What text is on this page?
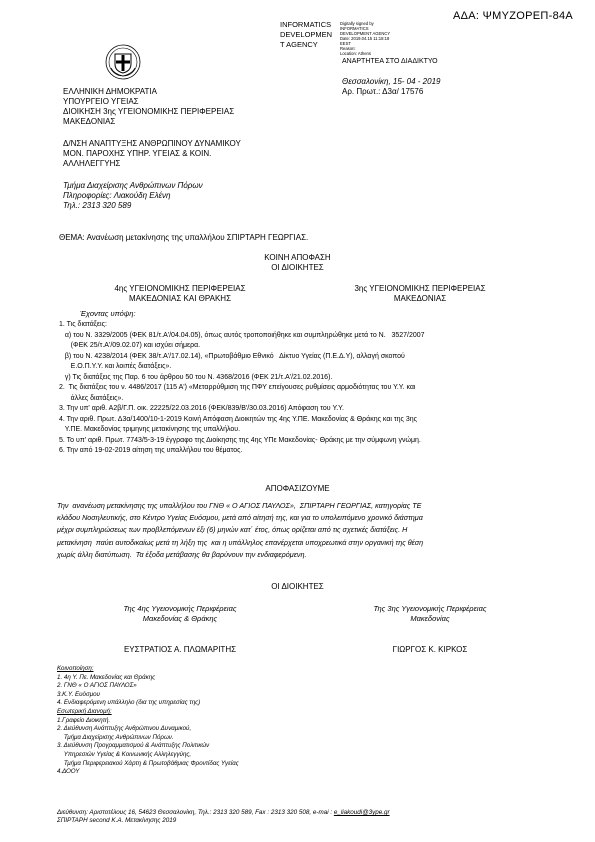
ΑΔΑ: ΨΜΥΖΟΡΕΠ-84Α
INFORMATICS
DEVELOPMEN
T AGENCY
Digitally signed by
INFORMATICS
DEVELOPMENT AGENCY
Date: 2019.04.15 11:18:18
EEST
Reason:
Location: Athens
ΑΝΑΡΤΗΤΕΑ ΣΤΟ ΔΙΑΔΙΚΤΥΟ
Θεσσαλονίκη, 15- 04 - 2019
Αρ. Πρωτ.: Δ3α/ 17576
ΕΛΛΗΝΙΚΗ ΔΗΜΟΚΡΑΤΙΑ
ΥΠΟΥΡΓΕΙΟ ΥΓΕΙΑΣ
ΔΙΟΙΚΗΣΗ 3ης ΥΓΕΙΟΝΟΜΙΚΗΣ ΠΕΡΙΦΕΡΕΙΑΣ
ΜΑΚΕΔΟΝΙΑΣ
Δ/ΝΣΗ ΑΝΑΠΤΥΞΗΣ ΑΝΘΡΩΠΙΝΟΥ ΔΥΝΑΜΙΚΟΥ
ΜΟΝ. ΠΑΡΟΧΗΣ ΥΠΗΡ. ΥΓΕΙΑΣ & ΚΟΙΝ.
ΑΛΛΗΛΕΓΓΥΗΣ
Τμήμα Διαχείρισης Ανθρώπινων Πόρων
Πληροφορίες: Λιακούδη Ελένη
Τηλ.: 2313 320 589
ΘΕΜΑ: Ανανέωση μετακίνησης της υπαλλήλου ΣΠΙΡΤΑΡΗ ΓΕΩΡΓΙΑΣ.
ΚΟΙΝΗ ΑΠΟΦΑΣΗ
ΟΙ ΔΙΟΙΚΗΤΕΣ
4ης ΥΓΕΙΟΝΟΜΙΚΗΣ ΠΕΡΙΦΕΡΕΙΑΣ
ΜΑΚΕΔΟΝΙΑΣ ΚΑΙ ΘΡΑΚΗΣ
3ης ΥΓΕΙΟΝΟΜΙΚΗΣ ΠΕΡΙΦΕΡΕΙΑΣ
ΜΑΚΕΔΟΝΙΑΣ
Έχοντας υπόψη:
1. Τις διατάξεις:
α) του Ν. 3329/2005 (ΦΕΚ 81/τ.Α'/04.04.05), όπως αυτός τροποποιήθηκε και συμπληρώθηκε μετά το Ν.   3527/2007
(ΦΕΚ 25/τ.Α'/09.02.07) και ισχύει σήμερα.
β) του Ν. 4238/2014 (ΦΕΚ 38/τ.Α'/17.02.14), «Πρωτοβάθμιο Εθνικό   Δίκτυο Υγείας (Π.Ε.Δ.Υ), αλλαγή σκοπού
Ε.Ο.Π.Υ.Υ. και λοιπές διατάξεις».
γ) Τις διατάξεις της Παρ. 6 του άρθρου 50 του Ν. 4368/2016 (ΦΕΚ 21/τ.Α'/21.02.2016).
2.  Τις διατάξεις του ν. 4486/2017 (115 Α') «Μεταρρύθμιση της ΠΦΥ επείγουσες ρυθμίσεις αρμοδιότητας του Υ.Υ. και
άλλες διατάξεις».
3. Την υπ' αριθ. Α2β/Γ.Π. οικ. 22225/22.03.2016 (ΦΕΚ/839/Β'/30.03.2016) Απόφαση του Υ.Υ.
4. Την αριθ. Πρωτ. Δ3α/1400/10-1-2019 Κοινή Απόφαση Διοικητών της 4ης Υ.ΠΕ. Μακεδονίας & Θράκης και της 3ης
Υ.ΠΕ. Μακεδονίας τριμηνης μετακίνησης της υπαλλήλου.
5. Το υπ' αριθ. Πρωτ. 7743/5-3-19 έγγραφο της Διοίκησης της 4ης ΥΠε Μακεδονίας- Θράκης με την σύμφωνη γνώμη.
6. Την από 19-02-2019 αίτηση της υπαλλήλου του θέματος.
ΑΠΟΦΑΣΙΖΟΥΜΕ
Την  ανανέωση μετακίνησης της υπαλλήλου του ΓΝΘ « Ο ΑΓΙΟΣ ΠΑΥΛΟΣ»,  ΣΠΙΡΤΑΡΗ ΓΕΩΡΓΙΑΣ, κατηγορίας ΤΕ
κλάδου Νοσηλευτικής, στο Κέντρο Υγείας Ευόσμου, μετά από αίτησή της, και για το υπολειπόμενο χρονικό διάστημα
μέχρι συμπληρώσεως των προβλεπόμενων έξι (6) μηνών κατ΄ έτος, όπως ορίζεται από τις σχετικές διατάξεις. Η
μετακίνηση  παύει αυτοδικαίως μετά τη λήξη της  και η υπάλληλος επανέρχεται υποχρεωτικά στην οργανική της θέση
χωρίς άλλη διατύπωση.  Τα έξοδα μετάβασης θα βαρύνουν την ενδιαφερόμενη.
ΟΙ ΔΙΟΙΚΗΤΕΣ
Της 4ης Υγειονομικής Περιφέρειας
Μακεδονίας & Θράκης
Της 3ης Υγειονομικής Περιφέρειας
Μακεδονίας
ΕΥΣΤΡΑΤΙΟΣ Α. ΠΛΩΜΑΡΙΤΗΣ	ΓΙΩΡΓΟΣ Κ. ΚΙΡΚΟΣ
Κοινοποίηση:
1. 4η Υ. Πε. Μακεδονίας και Θράκης
2. ΓΝΘ « Ο ΑΓΙΟΣ ΠΑΥΛΟΣ»
3.Κ.Υ. Ευόσμου
4. Ενδιαφερόμενη υπάλληλο (δια της υπηρεσίας της)
Εσωτερική Διανομή:
1.Γραφείο Διοικητή.
2. Διεύθυνση Ανάπτυξης Ανθρώπινου Δυναμικού,
Τμήμα Διαχείρισης Ανθρώπινων Πόρων.
3. Διεύθυνση Προγραμματισμού & Ανάπτυξης Πολιτικών
Υπηρεσιών Υγείας & Κοινωνικής Αλληλεγγύης,
Τμήμα Περιφερειακού Χάρτη & Πρωτοβάθμιας Φροντίδας Υγείας
4.ΔΟΟΥ
Διεύθυνση: Αριστοτέλους 16, 54623 Θεσσαλονίκη, Τηλ.: 2313 320 589, Fax : 2313 320 508, e-mai : e_liakoudi@3ype.gr
ΣΠΙΡΤΑΡΗ second Κ.Α. Μετακίνησης 2019
